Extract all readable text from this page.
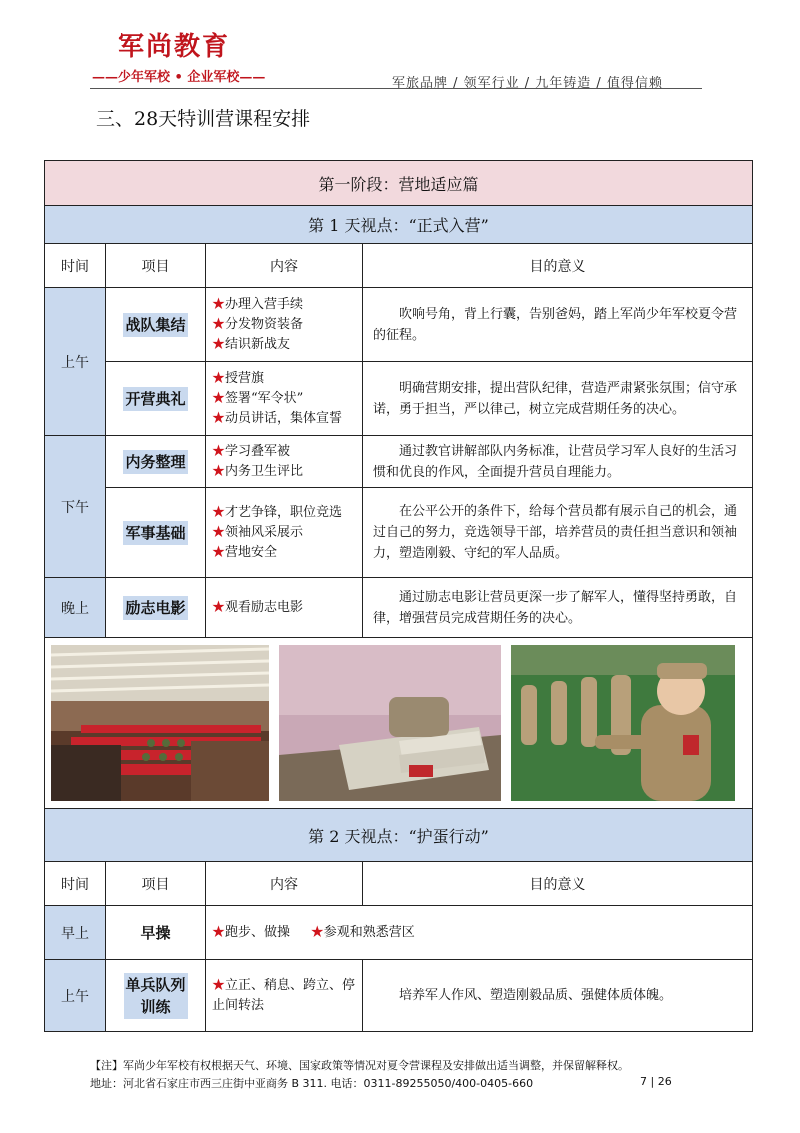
军尚教育
——少年军校 • 企业军校——	军旅品牌 / 领军行业 / 九年铸造 / 值得信赖
三、28天特训营课程安排
第一阶段：营地适应篇			
第 1 天视点：“正式入营”			
时间	项目	内容	目的意义
上午	战队集结	★办理入营手续
★分发物资装备
★结识新战友	吹响号角，背上行囊，告别爸妈，踏上军尚少年军校夏令营的征程。
	开营典礼	★授营旗
★签署“军令状”
★动员讲话，集体宣誓	明确营期安排，提出营队纪律，营造严肃紧张氛围；信守承诺，勇于担当，严以律己，树立完成营期任务的决心。
下午	内务整理	★学习叠军被
★内务卫生评比	通过教官讲解部队内务标准，让营员学习军人良好的生活习惯和优良的作风，全面提升营员自理能力。
	军事基础	★才艺争锋，职位竞选
★领袖风采展示
★营地安全	在公平公开的条件下，给每个营员都有展示自己的机会，通过自己的努力，竞选领导干部，培养营员的责任担当意识和领袖力，塑造刚毅、守纪的军人品质。
晚上	励志电影	★观看励志电影	通过励志电影让营员更深一步了解军人，懂得坚持勇敢，自律，增强营员完成营期任务的决心。

第 2 天视点：“护蛋行动”			
时间	项目	内容	目的意义
早上	早操	★跑步、做操 ★参观和熟悉营区	
上午	单兵队列训练	★立正、稍息、跨立、停止间转法	培养军人作风、塑造刚毅品质、强健体质体魄。
【注】军尚少年军校有权根据天气、环境、国家政策等情况对夏令营课程及安排做出适当调整，并保留解释权。
地址：河北省石家庄市西三庄街中亚商务 B 311. 电话：0311-89255050/400-0405-660	7 | 26
